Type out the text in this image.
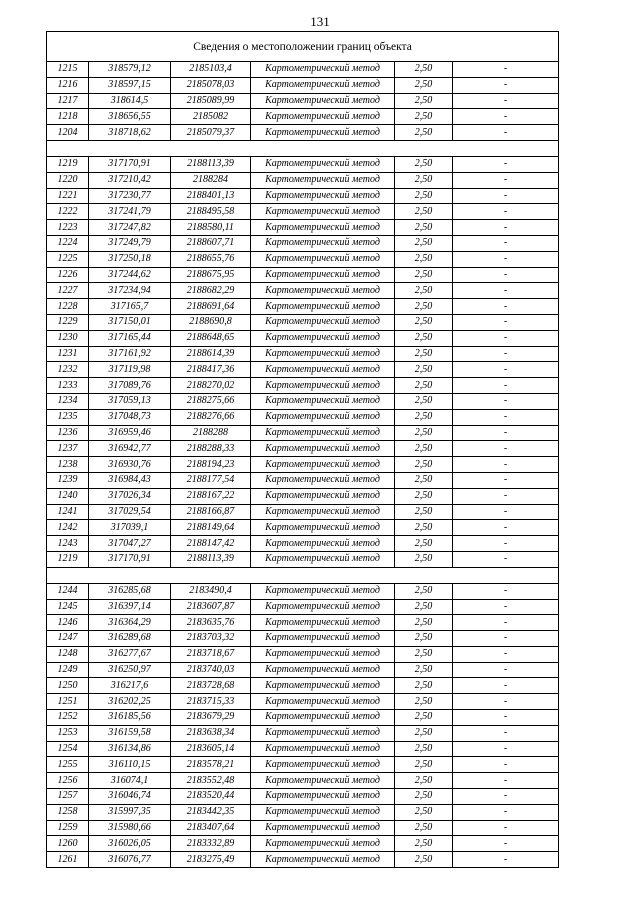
131
Сведения о местоположении границ объекта					
1215	318579,12	2185103,4	Картометрический метод	2,50	-
1216	318597,15	2185078,03	Картометрический метод	2,50	-
1217	318614,5	2185089,99	Картометрический метод	2,50	-
1218	318656,55	2185082	Картометрический метод	2,50	-
1204	318718,62	2185079,37	Картометрический метод	2,50	-

1219	317170,91	2188113,39	Картометрический метод	2,50	-
1220	317210,42	2188284	Картометрический метод	2,50	-
1221	317230,77	2188401,13	Картометрический метод	2,50	-
1222	317241,79	2188495,58	Картометрический метод	2,50	-
1223	317247,82	2188580,11	Картометрический метод	2,50	-
1224	317249,79	2188607,71	Картометрический метод	2,50	-
1225	317250,18	2188655,76	Картометрический метод	2,50	-
1226	317244,62	2188675,95	Картометрический метод	2,50	-
1227	317234,94	2188682,29	Картометрический метод	2,50	-
1228	317165,7	2188691,64	Картометрический метод	2,50	-
1229	317150,01	2188690,8	Картометрический метод	2,50	-
1230	317165,44	2188648,65	Картометрический метод	2,50	-
1231	317161,92	2188614,39	Картометрический метод	2,50	-
1232	317119,98	2188417,36	Картометрический метод	2,50	-
1233	317089,76	2188270,02	Картометрический метод	2,50	-
1234	317059,13	2188275,66	Картометрический метод	2,50	-
1235	317048,73	2188276,66	Картометрический метод	2,50	-
1236	316959,46	2188288	Картометрический метод	2,50	-
1237	316942,77	2188288,33	Картометрический метод	2,50	-
1238	316930,76	2188194,23	Картометрический метод	2,50	-
1239	316984,43	2188177,54	Картометрический метод	2,50	-
1240	317026,34	2188167,22	Картометрический метод	2,50	-
1241	317029,54	2188166,87	Картометрический метод	2,50	-
1242	317039,1	2188149,64	Картометрический метод	2,50	-
1243	317047,27	2188147,42	Картометрический метод	2,50	-
1219	317170,91	2188113,39	Картометрический метод	2,50	-

1244	316285,68	2183490,4	Картометрический метод	2,50	-
1245	316397,14	2183607,87	Картометрический метод	2,50	-
1246	316364,29	2183635,76	Картометрический метод	2,50	-
1247	316289,68	2183703,32	Картометрический метод	2,50	-
1248	316277,67	2183718,67	Картометрический метод	2,50	-
1249	316250,97	2183740,03	Картометрический метод	2,50	-
1250	316217,6	2183728,68	Картометрический метод	2,50	-
1251	316202,25	2183715,33	Картометрический метод	2,50	-
1252	316185,56	2183679,29	Картометрический метод	2,50	-
1253	316159,58	2183638,34	Картометрический метод	2,50	-
1254	316134,86	2183605,14	Картометрический метод	2,50	-
1255	316110,15	2183578,21	Картометрический метод	2,50	-
1256	316074,1	2183552,48	Картометрический метод	2,50	-
1257	316046,74	2183520,44	Картометрический метод	2,50	-
1258	315997,35	2183442,35	Картометрический метод	2,50	-
1259	315980,66	2183407,64	Картометрический метод	2,50	-
1260	316026,05	2183332,89	Картометрический метод	2,50	-
1261	316076,77	2183275,49	Картометрический метод	2,50	-
